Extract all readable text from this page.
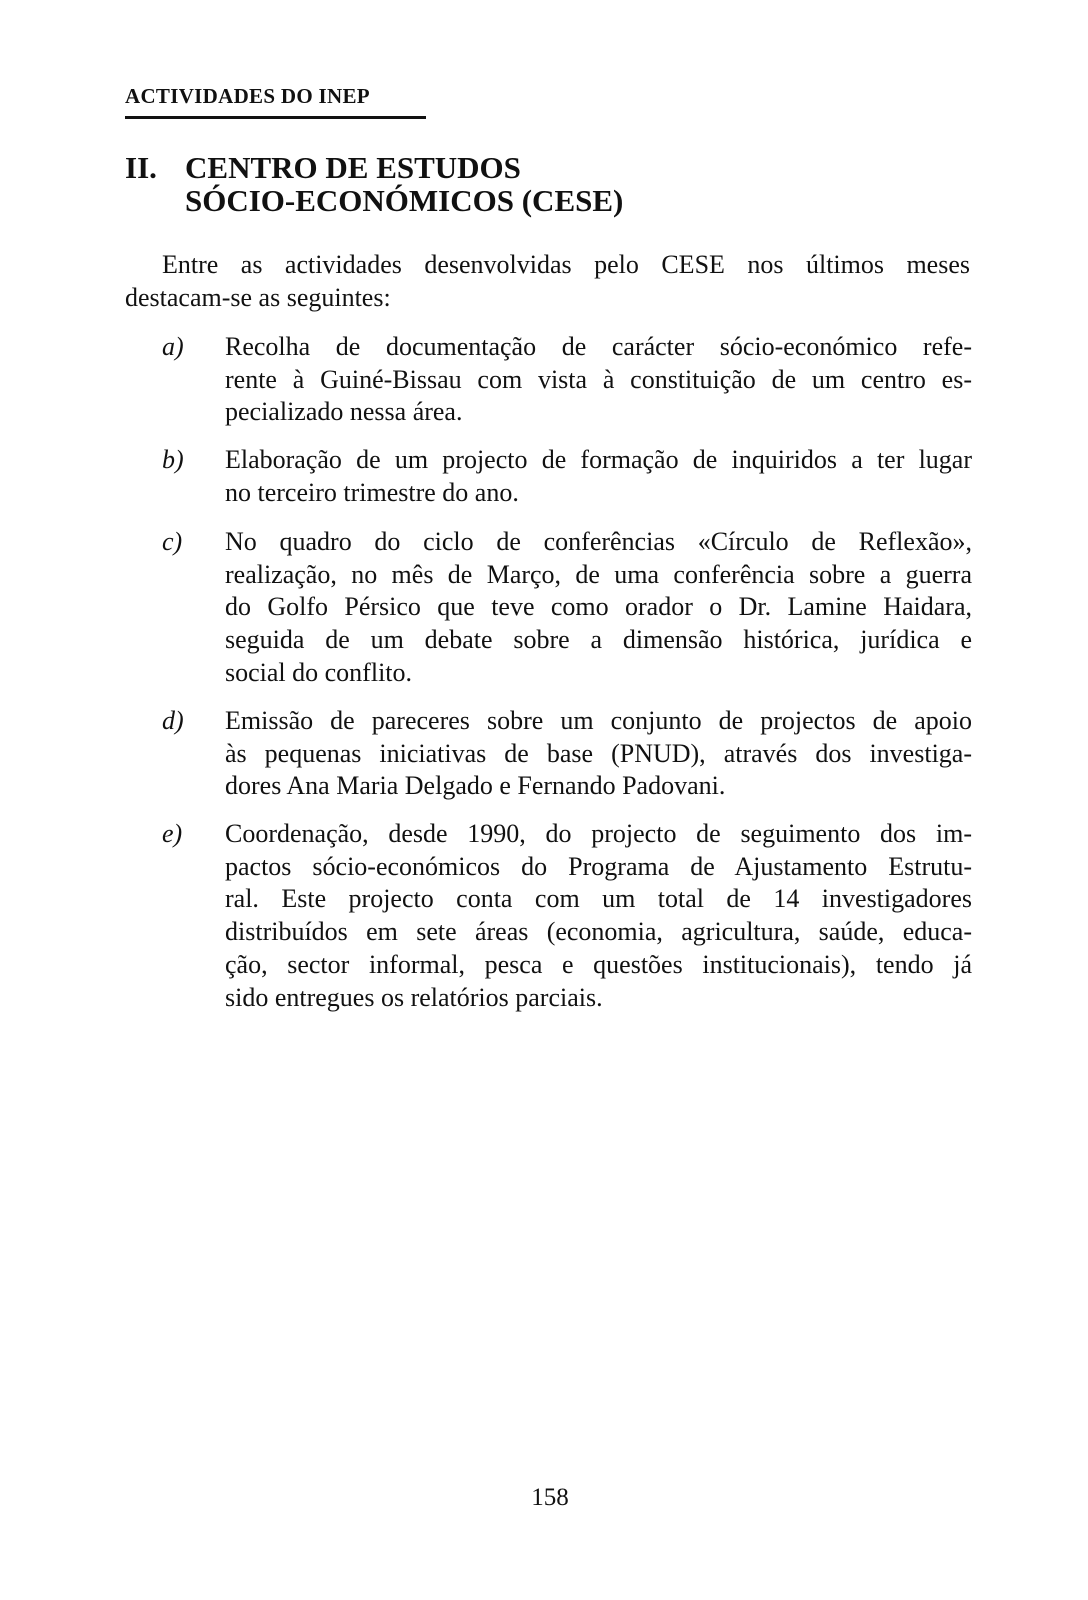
ACTIVIDADES DO INEP
II. CENTRO DE ESTUDOS
SÓCIO-ECONÓMICOS (CESE)
Entre as actividades desenvolvidas pelo CESE nos últimos meses
destacam-se as seguintes:
a) Recolha de documentação de carácter sócio-económico refe-
rente à Guiné-Bissau com vista à constituição de um centro es-
pecializado nessa área.
b) Elaboração de um projecto de formação de inquiridos a ter lugar
no terceiro trimestre do ano.
c) No quadro do ciclo de conferências «Círculo de Reflexão»,
realização, no mês de Março, de uma conferência sobre a guerra
do Golfo Pérsico que teve como orador o Dr. Lamine Haidara,
seguida de um debate sobre a dimensão histórica, jurídica e
social do conflito.
d) Emissão de pareceres sobre um conjunto de projectos de apoio
às pequenas iniciativas de base (PNUD), através dos investiga-
dores Ana Maria Delgado e Fernando Padovani.
e) Coordenação, desde 1990, do projecto de seguimento dos im-
pactos sócio-económicos do Programa de Ajustamento Estrutu-
ral. Este projecto conta com um total de 14 investigadores
distribuídos em sete áreas (economia, agricultura, saúde, educa-
ção, sector informal, pesca e questões institucionais), tendo já
sido entregues os relatórios parciais.
158
